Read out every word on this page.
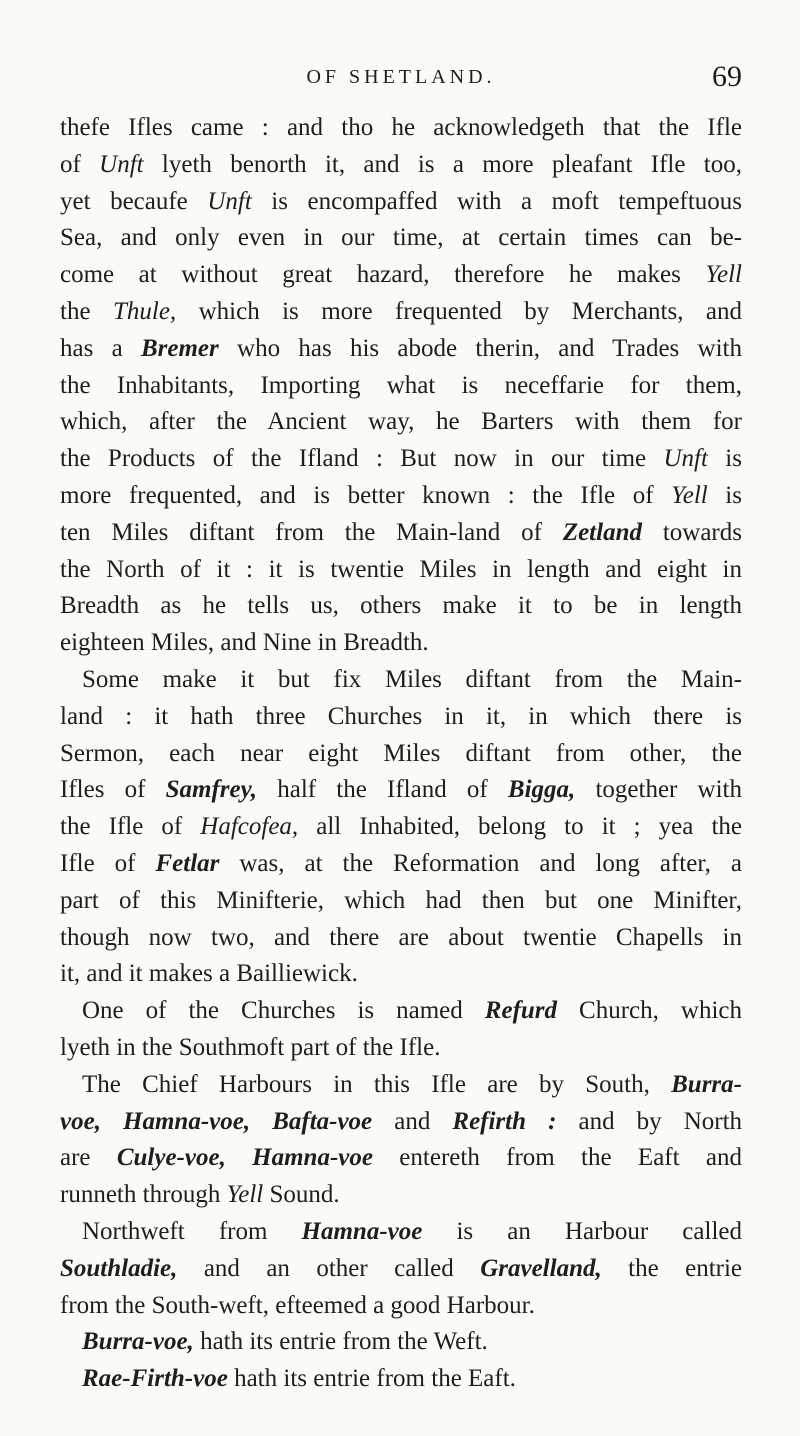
OF SHETLAND.	69
thefe Ifles came : and tho he acknowledgeth that the Ifle
of Unft lyeth benorth it, and is a more pleafant Ifle too,
yet becaufe Unft is encompaffed with a moft tempeftuous
Sea, and only even in our time, at certain times can be-
come at without great hazard, therefore he makes Yell
the Thule, which is more frequented by Merchants, and
has a Bremer who has his abode therin, and Trades with
the Inhabitants, Importing what is neceffarie for them,
which, after the Ancient way, he Barters with them for
the Products of the Ifland : But now in our time Unft is
more frequented, and is better known : the Ifle of Yell is
ten Miles diftant from the Main-land of Zetland towards
the North of it : it is twentie Miles in length and eight in
Breadth as he tells us, others make it to be in length
eighteen Miles, and Nine in Breadth.
Some make it but fix Miles diftant from the Main-
land : it hath three Churches in it, in which there is
Sermon, each near eight Miles diftant from other, the
Ifles of Samfrey, half the Ifland of Bigga, together with
the Ifle of Hafcofea, all Inhabited, belong to it ; yea the
Ifle of Fetlar was, at the Reformation and long after, a
part of this Minifterie, which had then but one Minifter,
though now two, and there are about twentie Chapells in
it, and it makes a Bailliewick.
One of the Churches is named Refurd Church, which
lyeth in the Southmoft part of the Ifle.
The Chief Harbours in this Ifle are by South, Burra-
voe, Hamna-voe, Bafta-voe and Refirth : and by North
are Culye-voe, Hamna-voe entereth from the Eaft and
runneth through Yell Sound.
Northweft from Hamna-voe is an Harbour called
Southladie, and an other called Gravelland, the entrie
from the South-weft, efteemed a good Harbour.
Burra-voe, hath its entrie from the Weft.
Rae-Firth-voe hath its entrie from the Eaft.
